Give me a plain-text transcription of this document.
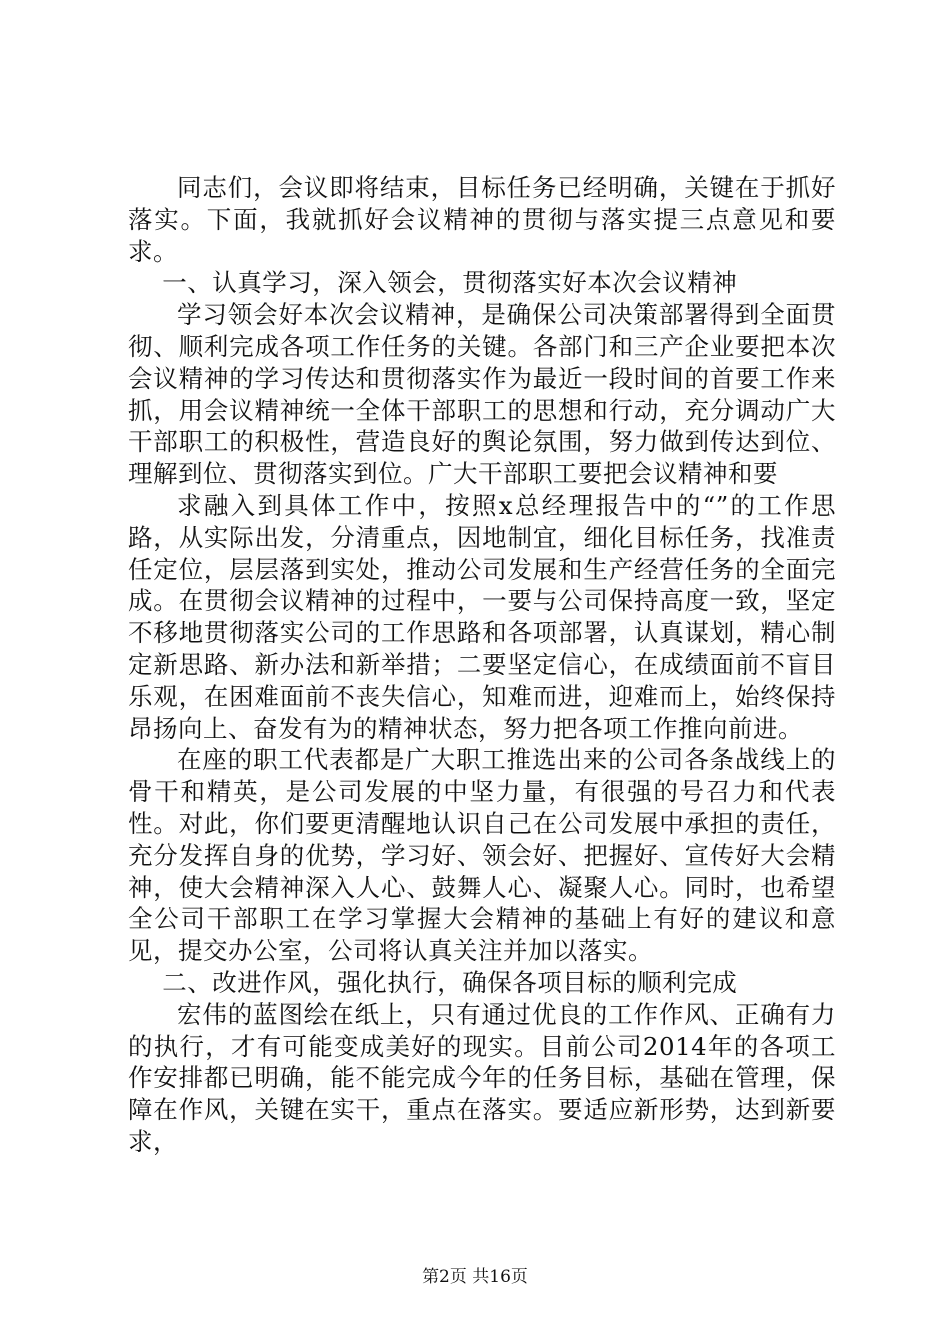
同志们，会议即将结束，目标任务已经明确，关键在于抓好落实。下面，我就抓好会议精神的贯彻与落实提三点意见和要求。

一、认真学习，深入领会，贯彻落实好本次会议精神

学习领会好本次会议精神，是确保公司决策部署得到全面贯彻、顺利完成各项工作任务的关键。各部门和三产企业要把本次会议精神的学习传达和贯彻落实作为最近一段时间的首要工作来抓，用会议精神统一全体干部职工的思想和行动，充分调动广大干部职工的积极性，营造良好的舆论氛围，努力做到传达到位、理解到位、贯彻落实到位。广大干部职工要把会议精神和要

求融入到具体工作中，按照x总经理报告中的“”的工作思路，从实际出发，分清重点，因地制宜，细化目标任务，找准责任定位，层层落到实处，推动公司发展和生产经营任务的全面完成。在贯彻会议精神的过程中，一要与公司保持高度一致，坚定不移地贯彻落实公司的工作思路和各项部署，认真谋划，精心制定新思路、新办法和新举措；二要坚定信心，在成绩面前不盲目乐观，在困难面前不丧失信心，知难而进，迎难而上，始终保持昂扬向上、奋发有为的精神状态，努力把各项工作推向前进。

在座的职工代表都是广大职工推选出来的公司各条战线上的骨干和精英，是公司发展的中坚力量，有很强的号召力和代表性。对此，你们要更清醒地认识自己在公司发展中承担的责任，充分发挥自身的优势，学习好、领会好、把握好、宣传好大会精神，使大会精神深入人心、鼓舞人心、凝聚人心。同时，也希望全公司干部职工在学习掌握大会精神的基础上有好的建议和意见，提交办公室，公司将认真关注并加以落实。

二、改进作风，强化执行，确保各项目标的顺利完成

宏伟的蓝图绘在纸上，只有通过优良的工作作风、正确有力的执行，才有可能变成美好的现实。目前公司2014年的各项工作安排都已明确，能不能完成今年的任务目标，基础在管理，保障在作风，关键在实干，重点在落实。要适应新形势，达到新要求，

第2页 共16页
